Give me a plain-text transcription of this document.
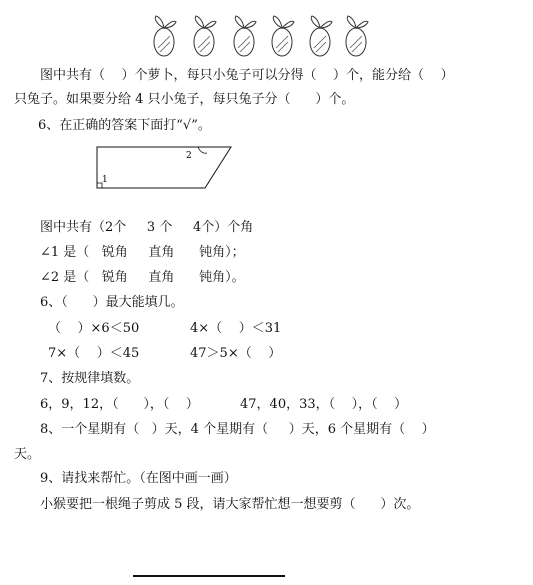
图中共有（    ）个萝卜，每只小兔子可以分得（    ）个，能分给（    ）
只兔子。如果要分给 4 只小兔子，每只兔子分（      ）个。
6、在正确的答案下面打“√”。
1
2
图中共有（2个     3 个     4个）个角
∠1 是（   锐角     直角      钝角）；
∠2 是（   锐角     直角      钝角）。
6、（      ）最大能填几。
（    ）×6＜50	4×（    ）＜31
7×（    ）＜45	47＞5×（    ）
7、按规律填数。
6，9，12，（      ），（    ）	47，40，33，（    ），（    ）
8、一个星期有（   ）天，4 个星期有（     ）天，6 个星期有（    ）
天。
9、请找来帮忙。（在图中画一画）
小猴要把一根绳子剪成 5 段，请大家帮忙想一想要剪（      ）次。
